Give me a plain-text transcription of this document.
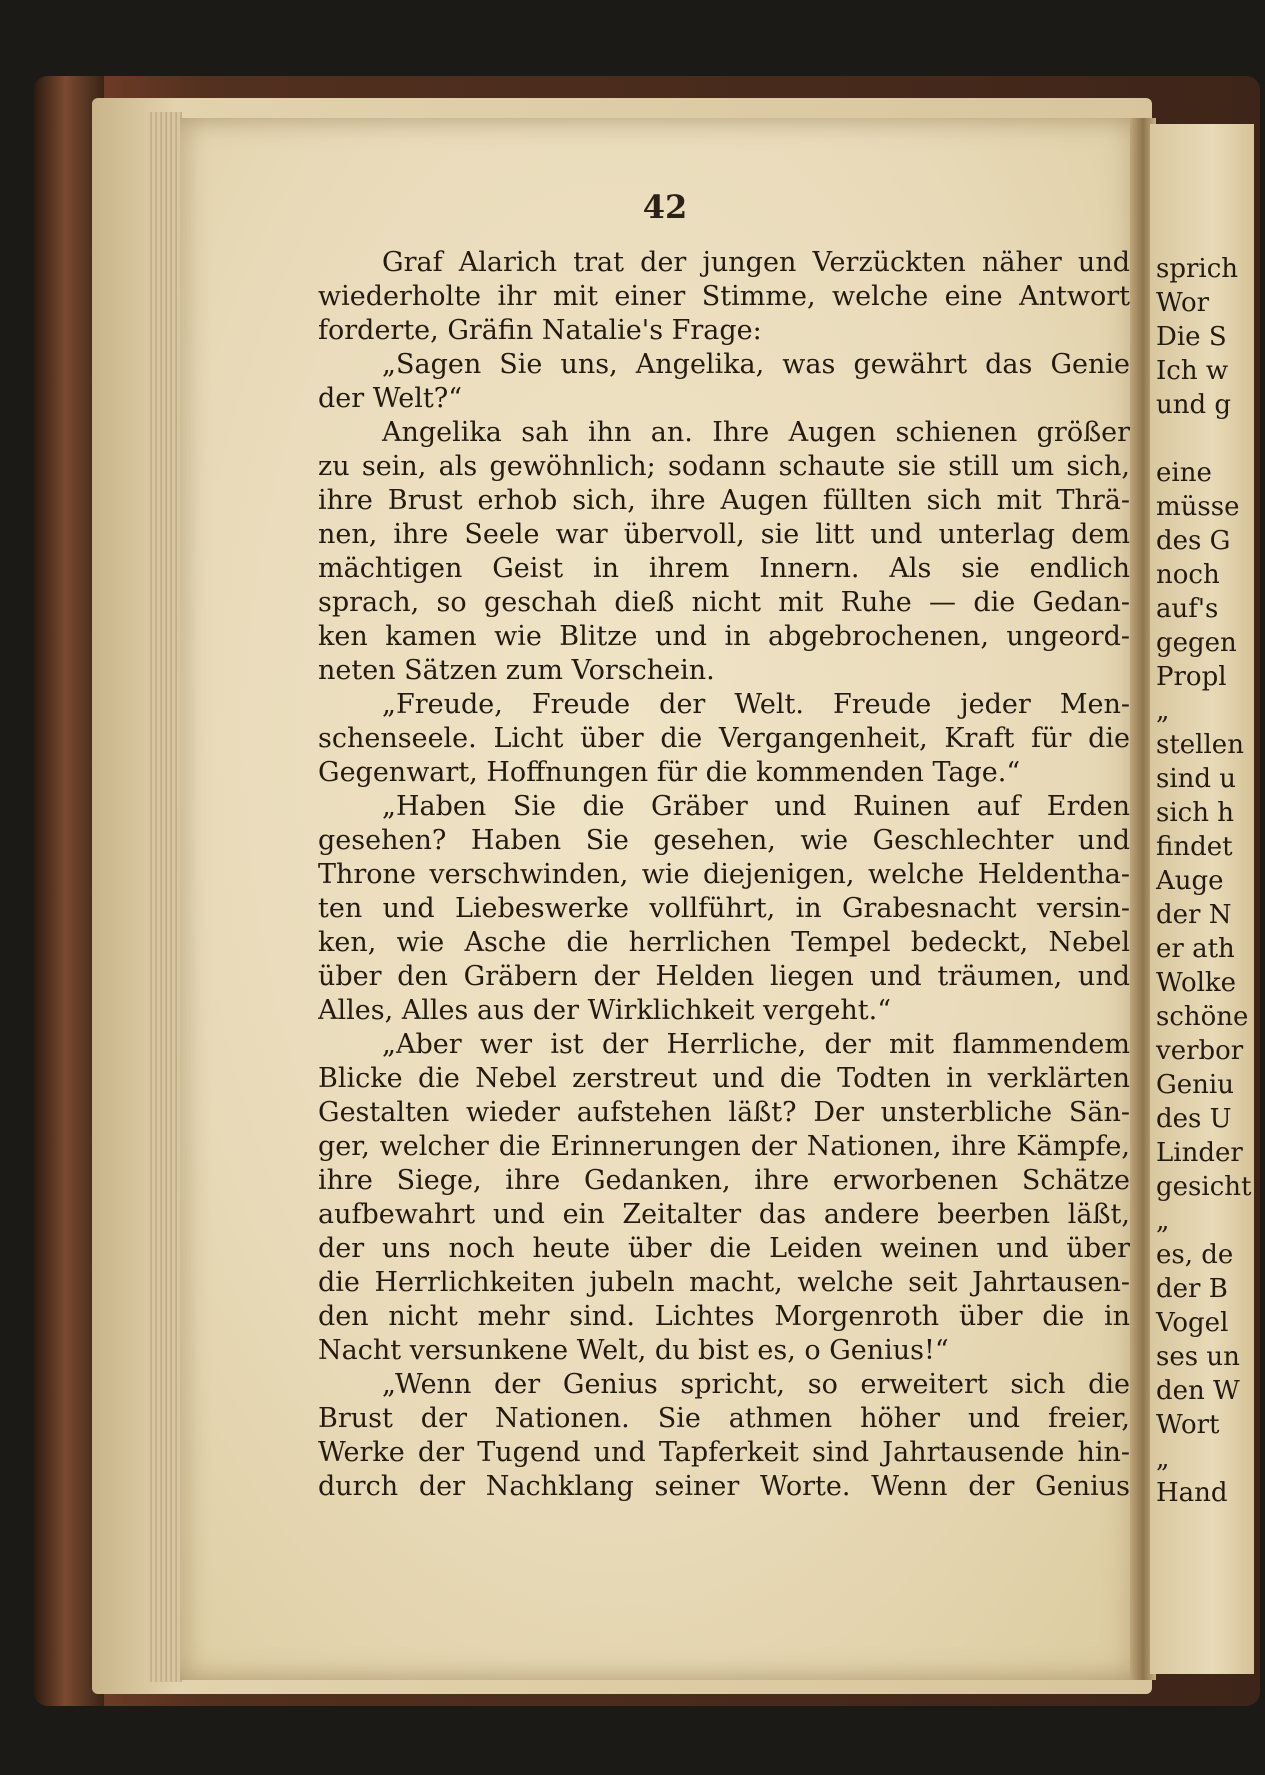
42
Graf Alarich trat der jungen Verzückten näher und
wiederholte ihr mit einer Stimme, welche eine Antwort
forderte, Gräfin Natalie's Frage:
„Sagen Sie uns, Angelika, was gewährt das Genie
der Welt?“
Angelika sah ihn an. Ihre Augen schienen größer
zu sein, als gewöhnlich; sodann schaute sie still um sich,
ihre Brust erhob sich, ihre Augen füllten sich mit Thrä-
nen, ihre Seele war übervoll, sie litt und unterlag dem
mächtigen Geist in ihrem Innern. Als sie endlich
sprach, so geschah dieß nicht mit Ruhe — die Gedan-
ken kamen wie Blitze und in abgebrochenen, ungeord-
neten Sätzen zum Vorschein.
„Freude, Freude der Welt. Freude jeder Men-
schenseele. Licht über die Vergangenheit, Kraft für die
Gegenwart, Hoffnungen für die kommenden Tage.“
„Haben Sie die Gräber und Ruinen auf Erden
gesehen? Haben Sie gesehen, wie Geschlechter und
Throne verschwinden, wie diejenigen, welche Heldentha-
ten und Liebeswerke vollführt, in Grabesnacht versin-
ken, wie Asche die herrlichen Tempel bedeckt, Nebel
über den Gräbern der Helden liegen und träumen, und
Alles, Alles aus der Wirklichkeit vergeht.“
„Aber wer ist der Herrliche, der mit flammendem
Blicke die Nebel zerstreut und die Todten in verklärten
Gestalten wieder aufstehen läßt? Der unsterbliche Sän-
ger, welcher die Erinnerungen der Nationen, ihre Kämpfe,
ihre Siege, ihre Gedanken, ihre erworbenen Schätze
aufbewahrt und ein Zeitalter das andere beerben läßt,
der uns noch heute über die Leiden weinen und über
die Herrlichkeiten jubeln macht, welche seit Jahrtausen-
den nicht mehr sind. Lichtes Morgenroth über die in
Nacht versunkene Welt, du bist es, o Genius!“
„Wenn der Genius spricht, so erweitert sich die
Brust der Nationen. Sie athmen höher und freier,
Werke der Tugend und Tapferkeit sind Jahrtausende hin-
durch der Nachklang seiner Worte. Wenn der Genius
sprich
Wor
Die S
Ich w
und g
eine
müsse
des G
noch
auf's
gegen
Propl
„
stellen
sind u
sich h
findet
Auge
der N
er ath
Wolke
schöne
verbor
Geniu
des U
Linder
gesicht
„
es, de
der B
Vogel
ses un
den W
Wort
„
Hand
